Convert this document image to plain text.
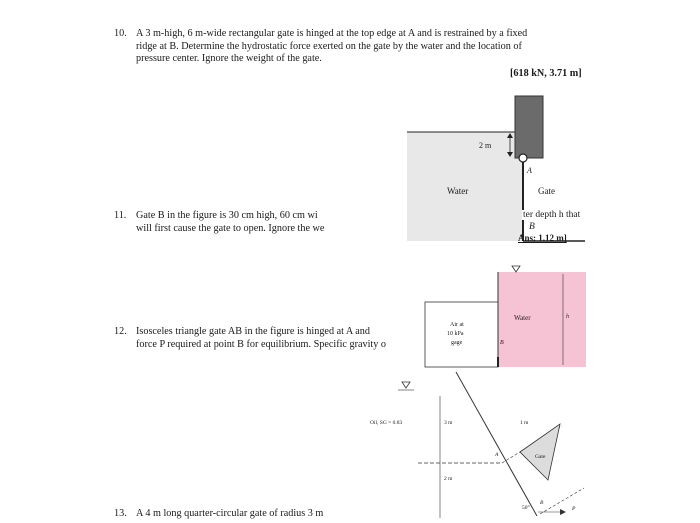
10. A 3 m-high, 6 m-wide rectangular gate is hinged at the top edge at A and is restrained by a fixed
ridge at B. Determine the hydrostatic force exerted on the gate by the water and the location of
pressure center. Ignore the weight of the gate.
[618 kN, 3.71 m]
2 m
A
Water	Gate
ter depth h that
B
Ans: 1.12 m]
11. Gate B in the figure is 30 cm high, 60 cm wi
will first cause the gate to open. Ignore the we
Air at
10 kPa
gage
Water
B
h
12. Isosceles triangle gate AB in the figure is hinged at A and
force P required at point B for equilibrium. Specific gravity o
Oil, SG = 0.83	3 m
2 m
1 m
Gate
A
B
50°	P
13. A 4 m long quarter-circular gate of radius 3 m
